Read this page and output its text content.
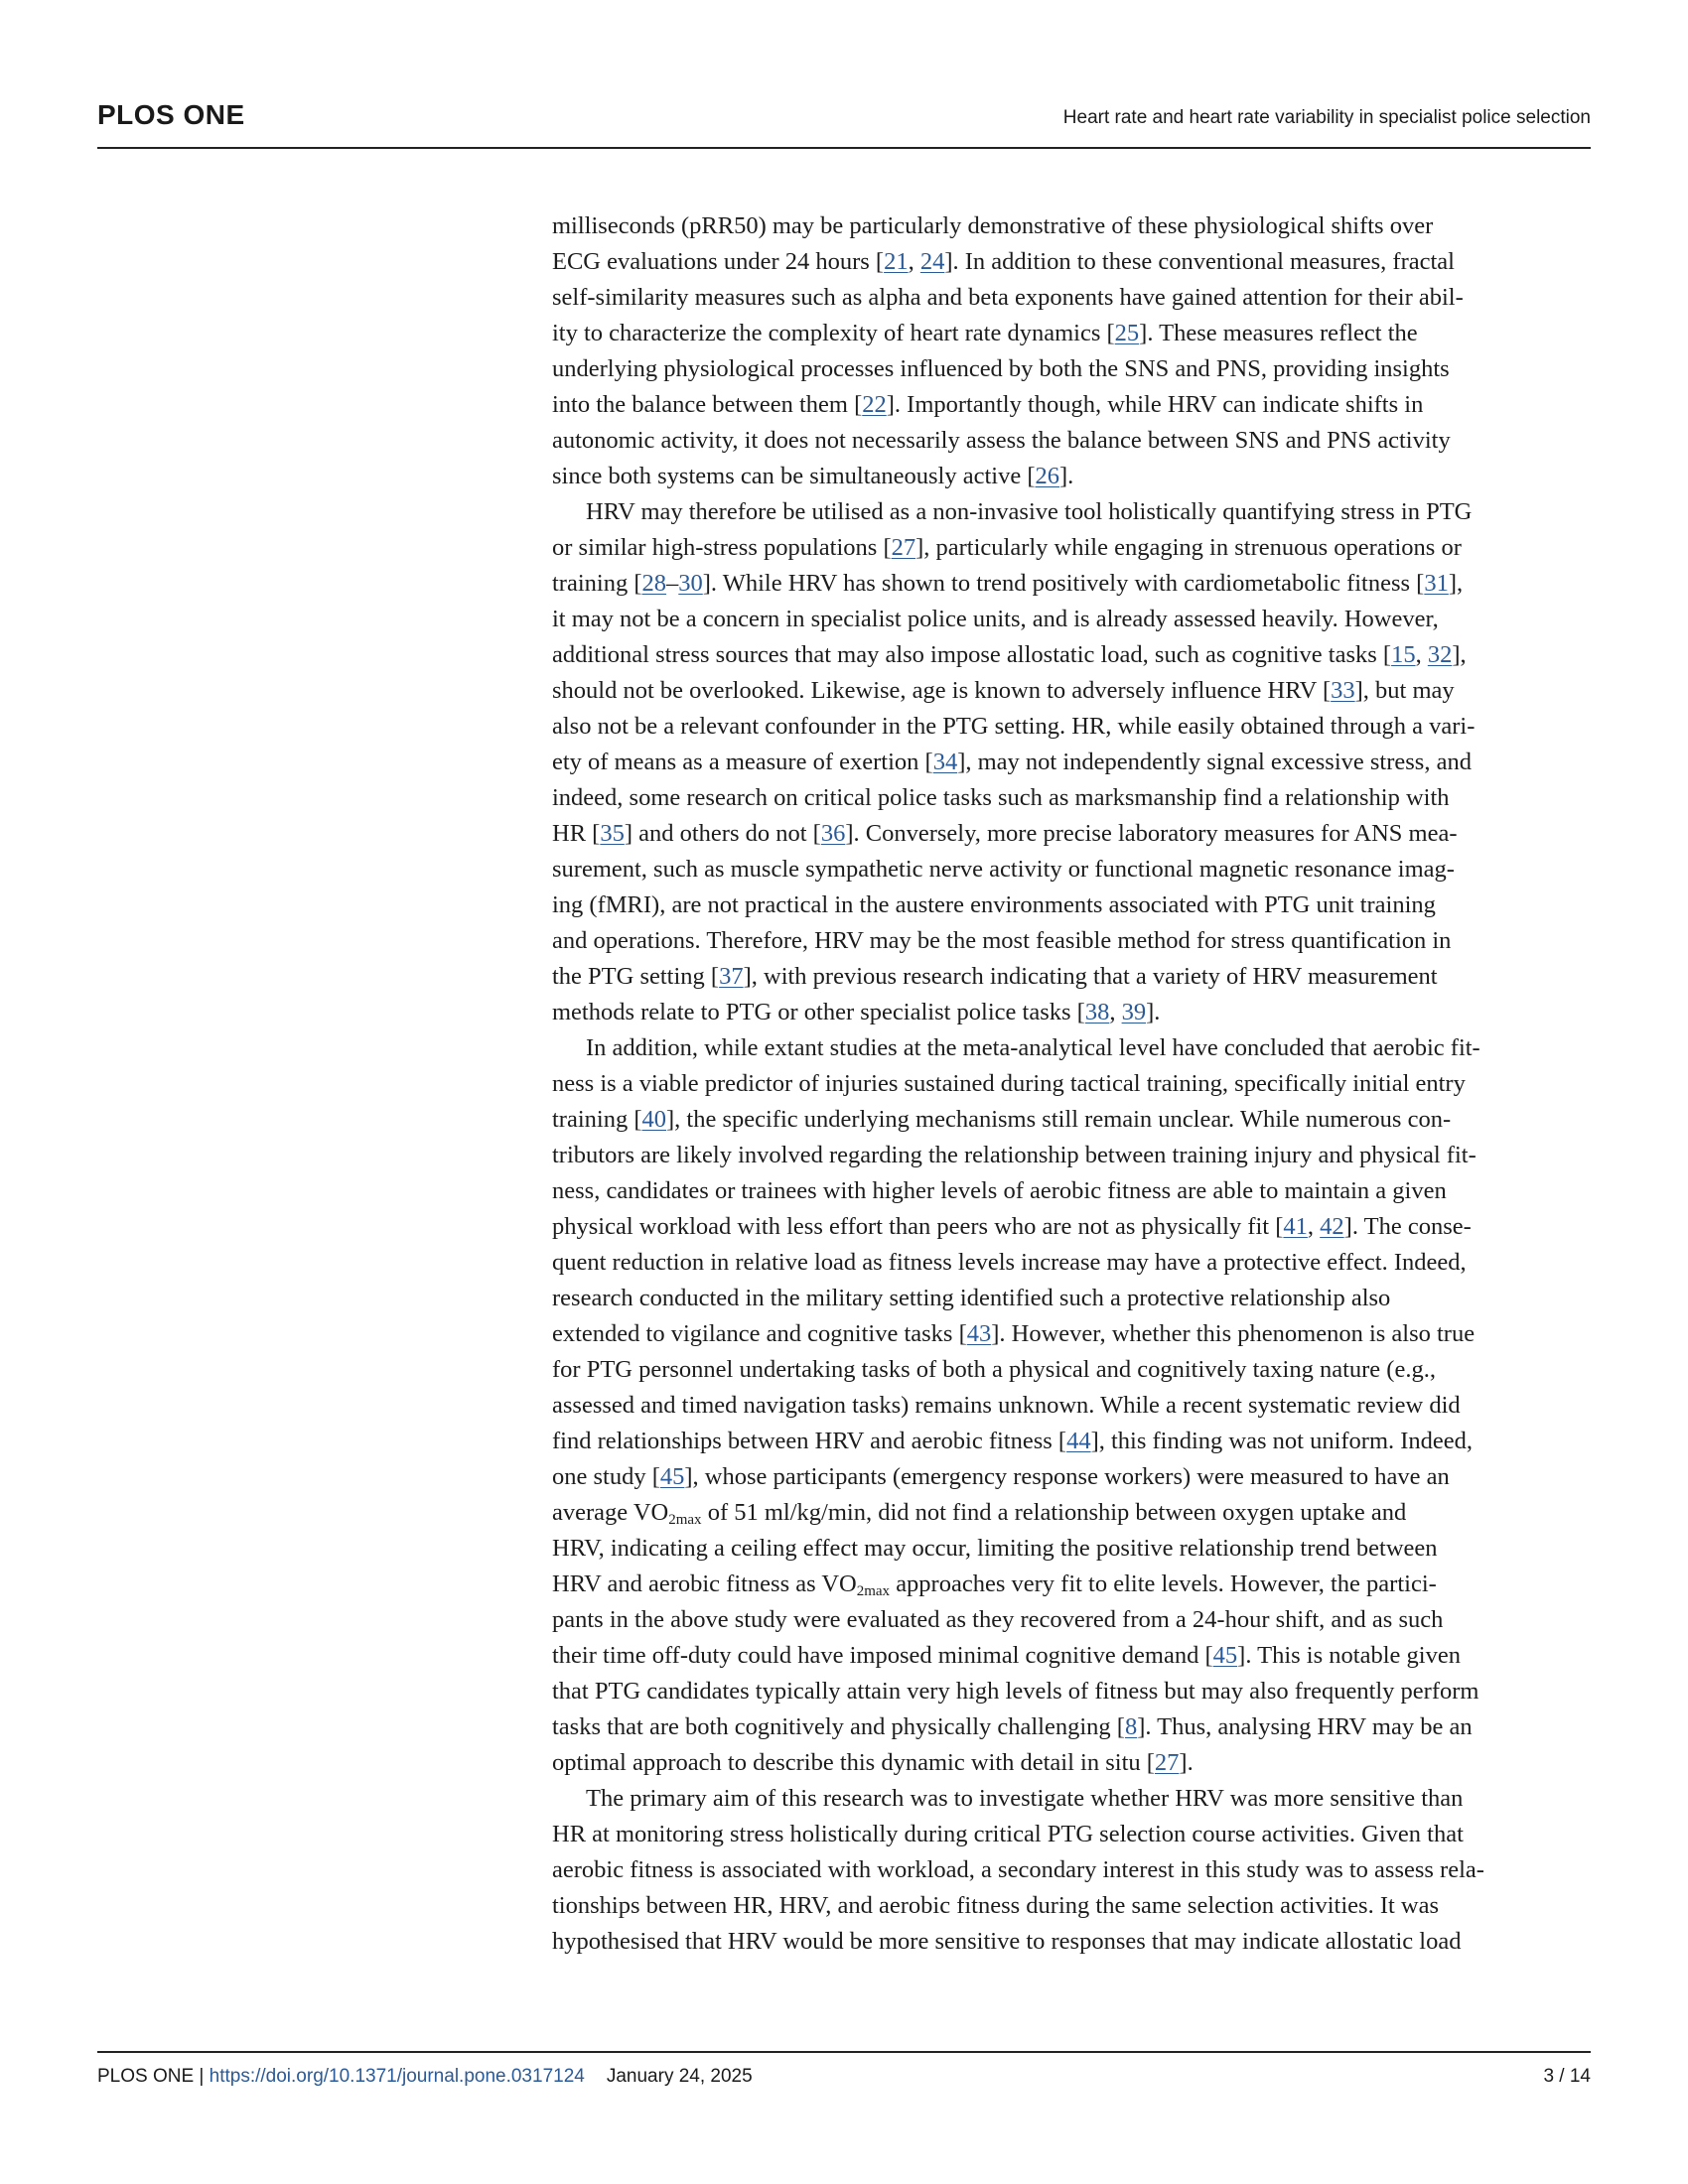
PLOS ONE	Heart rate and heart rate variability in specialist police selection
milliseconds (pRR50) may be particularly demonstrative of these physiological shifts over
ECG evaluations under 24 hours [21, 24]. In addition to these conventional measures, fractal
self-similarity measures such as alpha and beta exponents have gained attention for their abil-
ity to characterize the complexity of heart rate dynamics [25]. These measures reflect the
underlying physiological processes influenced by both the SNS and PNS, providing insights
into the balance between them [22]. Importantly though, while HRV can indicate shifts in
autonomic activity, it does not necessarily assess the balance between SNS and PNS activity
since both systems can be simultaneously active [26].
HRV may therefore be utilised as a non-invasive tool holistically quantifying stress in PTG
or similar high-stress populations [27], particularly while engaging in strenuous operations or
training [28–30]. While HRV has shown to trend positively with cardiometabolic fitness [31],
it may not be a concern in specialist police units, and is already assessed heavily. However,
additional stress sources that may also impose allostatic load, such as cognitive tasks [15, 32],
should not be overlooked. Likewise, age is known to adversely influence HRV [33], but may
also not be a relevant confounder in the PTG setting. HR, while easily obtained through a vari-
ety of means as a measure of exertion [34], may not independently signal excessive stress, and
indeed, some research on critical police tasks such as marksmanship find a relationship with
HR [35] and others do not [36]. Conversely, more precise laboratory measures for ANS mea-
surement, such as muscle sympathetic nerve activity or functional magnetic resonance imag-
ing (fMRI), are not practical in the austere environments associated with PTG unit training
and operations. Therefore, HRV may be the most feasible method for stress quantification in
the PTG setting [37], with previous research indicating that a variety of HRV measurement
methods relate to PTG or other specialist police tasks [38, 39].
In addition, while extant studies at the meta-analytical level have concluded that aerobic fit-
ness is a viable predictor of injuries sustained during tactical training, specifically initial entry
training [40], the specific underlying mechanisms still remain unclear. While numerous con-
tributors are likely involved regarding the relationship between training injury and physical fit-
ness, candidates or trainees with higher levels of aerobic fitness are able to maintain a given
physical workload with less effort than peers who are not as physically fit [41, 42]. The conse-
quent reduction in relative load as fitness levels increase may have a protective effect. Indeed,
research conducted in the military setting identified such a protective relationship also
extended to vigilance and cognitive tasks [43]. However, whether this phenomenon is also true
for PTG personnel undertaking tasks of both a physical and cognitively taxing nature (e.g.,
assessed and timed navigation tasks) remains unknown. While a recent systematic review did
find relationships between HRV and aerobic fitness [44], this finding was not uniform. Indeed,
one study [45], whose participants (emergency response workers) were measured to have an
average $VO_{2max}$ of 51 ml/kg/min, did not find a relationship between oxygen uptake and
HRV, indicating a ceiling effect may occur, limiting the positive relationship trend between
HRV and aerobic fitness as $VO_{2max}$ approaches very fit to elite levels. However, the partici-
pants in the above study were evaluated as they recovered from a 24-hour shift, and as such
their time off-duty could have imposed minimal cognitive demand [45]. This is notable given
that PTG candidates typically attain very high levels of fitness but may also frequently perform
tasks that are both cognitively and physically challenging [8]. Thus, analysing HRV may be an
optimal approach to describe this dynamic with detail in situ [27].
The primary aim of this research was to investigate whether HRV was more sensitive than
HR at monitoring stress holistically during critical PTG selection course activities. Given that
aerobic fitness is associated with workload, a secondary interest in this study was to assess rela-
tionships between HR, HRV, and aerobic fitness during the same selection activities. It was
hypothesised that HRV would be more sensitive to responses that may indicate allostatic load
PLOS ONE | https://doi.org/10.1371/journal.pone.0317124 January 24, 2025	3 / 14
